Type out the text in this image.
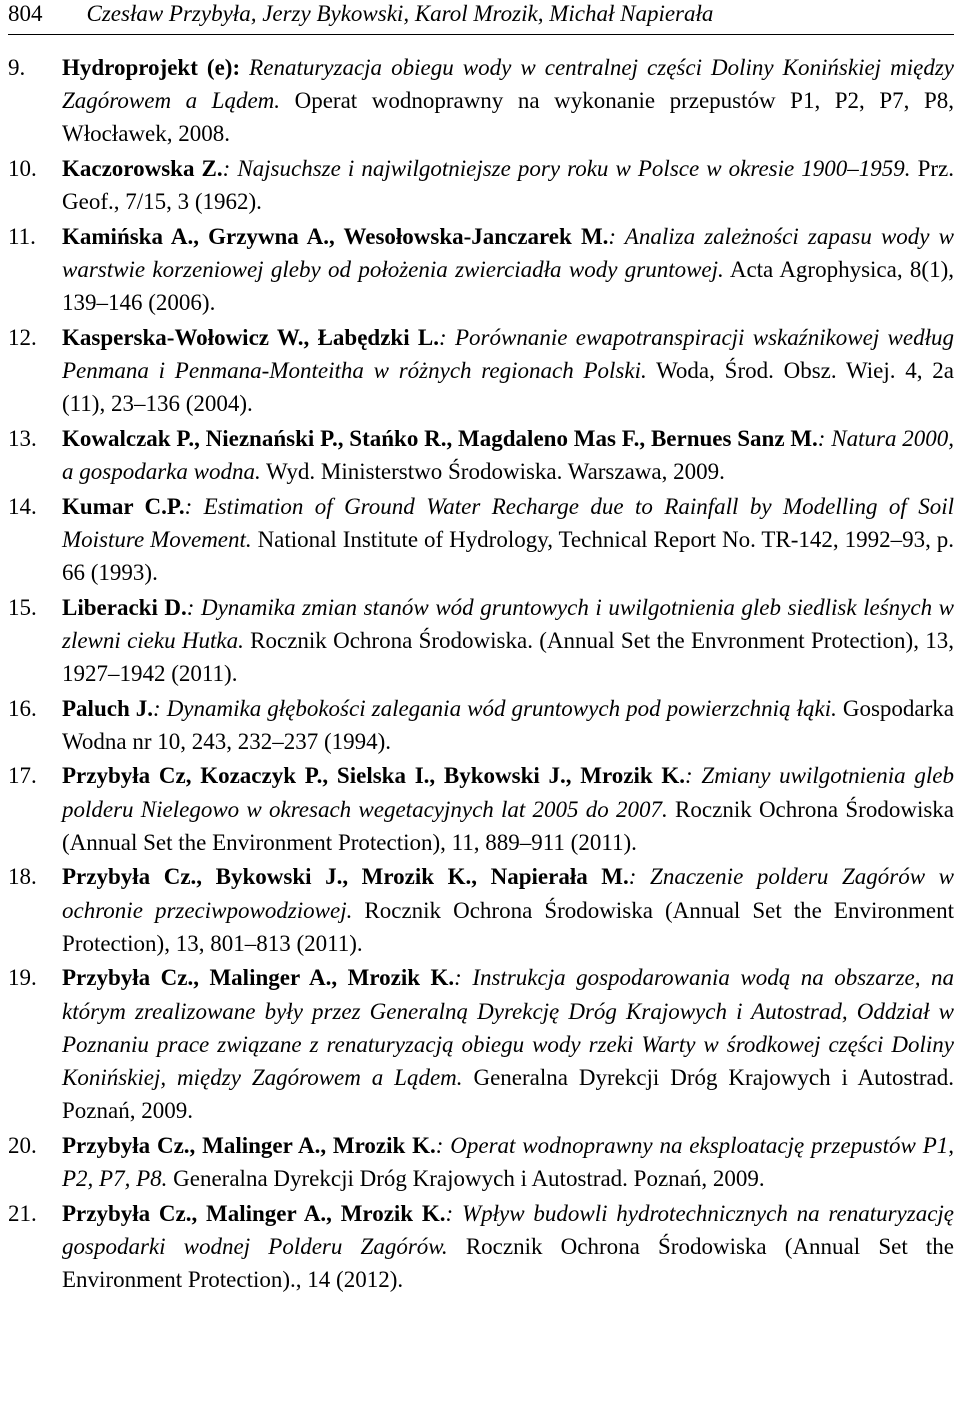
804 Czesław Przybyła, Jerzy Bykowski, Karol Mrozik, Michał Napierała
9. Hydroprojekt (e): Renaturyzacja obiegu wody w centralnej części Doliny Konińskiej między Zagórowem a Lądem. Operat wodnoprawny na wykonanie przepustów P1, P2, P7, P8, Włocławek, 2008.
10. Kaczorowska Z.: Najsuchsze i najwilgotniejsze pory roku w Polsce w okresie 1900–1959. Prz. Geof., 7/15, 3 (1962).
11. Kamińska A., Grzywna A., Wesołowska-Janczarek M.: Analiza zależności zapasu wody w warstwie korzeniowej gleby od położenia zwierciadła wody gruntowej. Acta Agrophysica, 8(1), 139–146 (2006).
12. Kasperska-Wołowicz W., Łabędzki L.: Porównanie ewapotranspiracji wskaźnikowej według Penmana i Penmana-Monteitha w różnych regionach Polski. Woda, Środ. Obsz. Wiej. 4, 2a (11), 23–136 (2004).
13. Kowalczak P., Nieznański P., Stańko R., Magdaleno Mas F., Bernues Sanz M.: Natura 2000, a gospodarka wodna. Wyd. Ministerstwo Środowiska. Warszawa, 2009.
14. Kumar C.P.: Estimation of Ground Water Recharge due to Rainfall by Modelling of Soil Moisture Movement. National Institute of Hydrology, Technical Report No. TR-142, 1992–93, p. 66 (1993).
15. Liberacki D.: Dynamika zmian stanów wód gruntowych i uwilgotnienia gleb siedlisk leśnych w zlewni cieku Hutka. Rocznik Ochrona Środowiska. (Annual Set the Envronment Protection), 13, 1927–1942 (2011).
16. Paluch J.: Dynamika głębokości zalegania wód gruntowych pod powierzchnią łąki. Gospodarka Wodna nr 10, 243, 232–237 (1994).
17. Przybyła Cz, Kozaczyk P., Sielska I., Bykowski J., Mrozik K.: Zmiany uwilgotnienia gleb polderu Nielegowo w okresach wegetacyjnych lat 2005 do 2007. Rocznik Ochrona Środowiska (Annual Set the Environment Protection), 11, 889–911 (2011).
18. Przybyła Cz., Bykowski J., Mrozik K., Napierała M.: Znaczenie polderu Zagórów w ochronie przeciwpowodziowej. Rocznik Ochrona Środowiska (Annual Set the Environment Protection), 13, 801–813 (2011).
19. Przybyła Cz., Malinger A., Mrozik K.: Instrukcja gospodarowania wodą na obszarze, na którym zrealizowane były przez Generalną Dyrekcję Dróg Krajowych i Autostrad, Oddział w Poznaniu prace związane z renaturyzacją obiegu wody rzeki Warty w środkowej części Doliny Konińskiej, między Zagórowem a Lądem. Generalna Dyrekcji Dróg Krajowych i Autostrad. Poznań, 2009.
20. Przybyła Cz., Malinger A., Mrozik K.: Operat wodnoprawny na eksploatację przepustów P1, P2, P7, P8. Generalna Dyrekcji Dróg Krajowych i Autostrad. Poznań, 2009.
21. Przybyła Cz., Malinger A., Mrozik K.: Wpływ budowli hydrotechnicznych na renaturyzację gospodarki wodnej Polderu Zagórów. Rocznik Ochrona Środowiska (Annual Set the Environment Protection)., 14 (2012).
